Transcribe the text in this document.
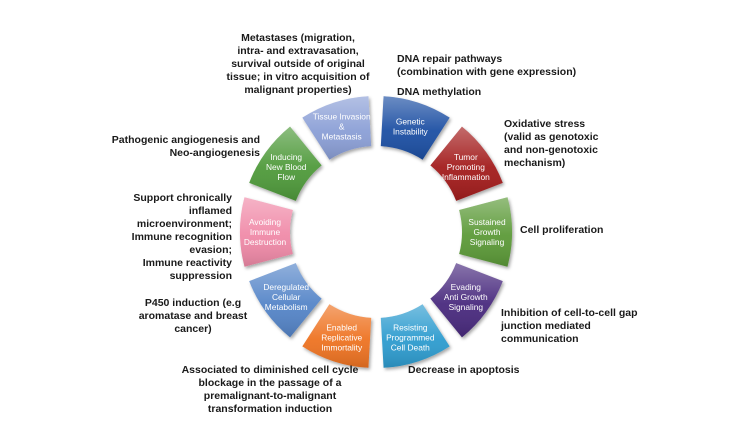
Genetic Instability
Tumor Promoting Inflammation
Sustained Growth Signaling
Evading Anti Growth Signaling
Resisting Programmed Cell Death
Enabled Replicative Immortality
Deregulated Cellular Metabolism
Avoiding Immune Destruction
Inducing New Blood Flow
Tissue Invasion & Metastasis
Metastases (migration,
intra- and extravasation,
survival outside of original
tissue; in vitro acquisition of
malignant properties)
DNA repair pathways
(combination with gene expression)
DNA methylation
Oxidative stress
(valid as genotoxic
and non-genotoxic
mechanism)
Pathogenic angiogenesis and
Neo-angiogenesis
Cell proliferation
Support chronically
inflamed
microenvironment;
Immune recognition
evasion;
Immune reactivity
suppression
Inhibition of cell-to-cell gap
junction mediated
communication
P450 induction (e.g
aromatase and breast
cancer)
Decrease in apoptosis
Associated to diminished cell cycle
blockage in the passage of a
premalignant-to-malignant
transformation induction
